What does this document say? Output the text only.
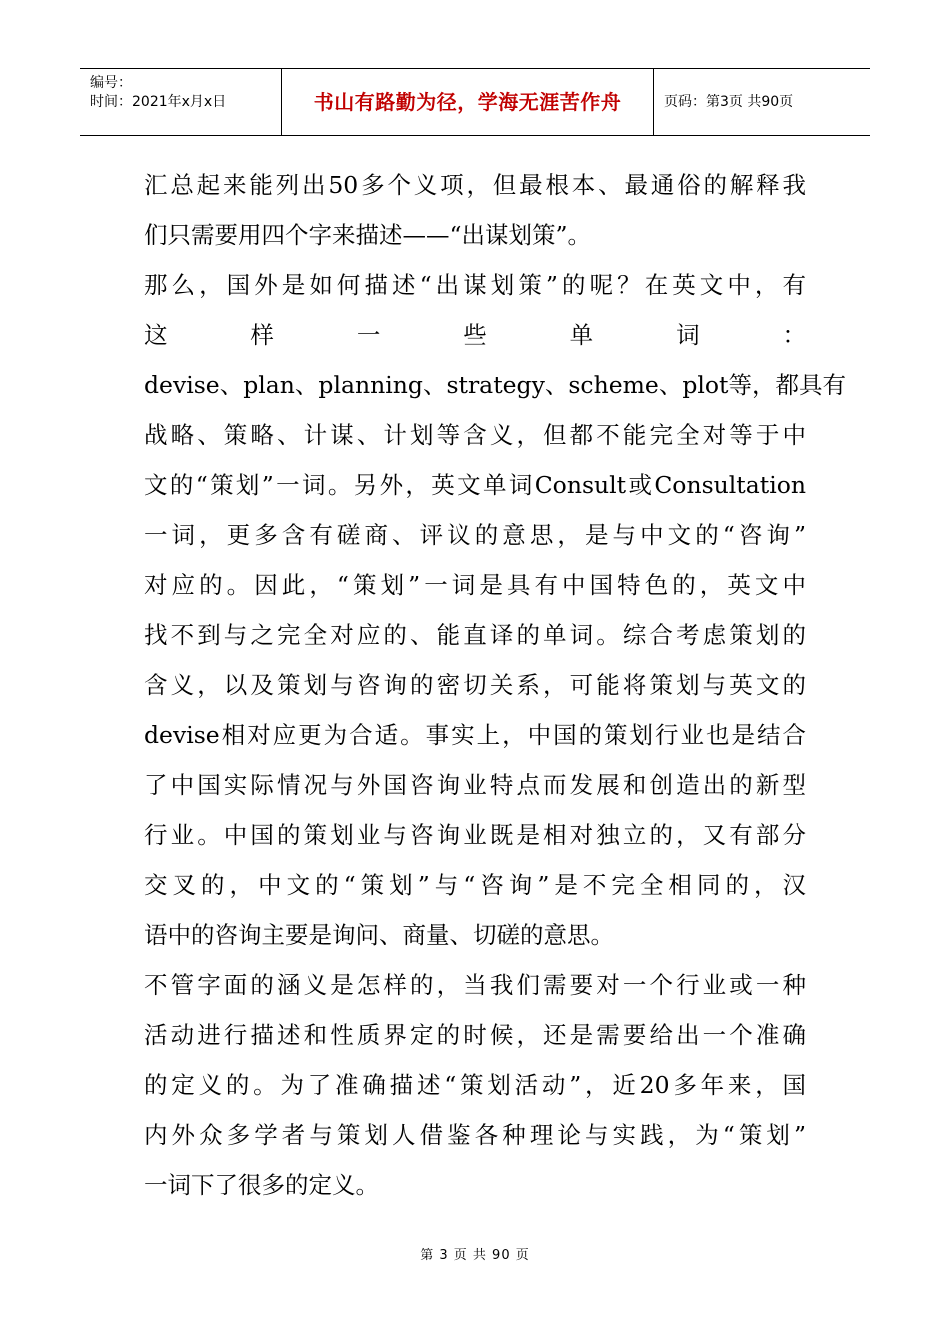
编号：
时间：2021年x月x日	书山有路勤为径，学海无涯苦作舟	页码：第3页 共90页
汇总起来能列出50多个义项，但最根本、最通俗的解释我
们只需要用四个字来描述——“出谋划策”。
那么，国外是如何描述“出谋划策”的呢？在英文中，有
这 样 一 些 单 词 ：
devise、plan、planning、strategy、scheme、plot等，都具有
战略、策略、计谋、计划等含义，但都不能完全对等于中
文的“策划”一词。另外，英文单词Consult或Consultation
一词，更多含有磋商、评议的意思，是与中文的“咨询”
对应的。因此，“策划”一词是具有中国特色的，英文中
找不到与之完全对应的、能直译的单词。综合考虑策划的
含义，以及策划与咨询的密切关系，可能将策划与英文的
devise相对应更为合适。事实上，中国的策划行业也是结合
了中国实际情况与外国咨询业特点而发展和创造出的新型
行业。中国的策划业与咨询业既是相对独立的，又有部分
交叉的，中文的“策划”与“咨询”是不完全相同的，汉
语中的咨询主要是询问、商量、切磋的意思。
不管字面的涵义是怎样的，当我们需要对一个行业或一种
活动进行描述和性质界定的时候，还是需要给出一个准确
的定义的。为了准确描述“策划活动”，近20多年来，国
内外众多学者与策划人借鉴各种理论与实践，为“策划”
一词下了很多的定义。
第 3 页 共 90 页
